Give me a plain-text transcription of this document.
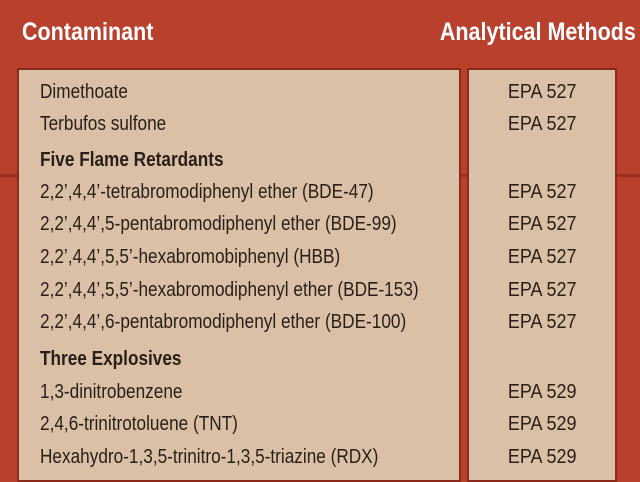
Contaminant	Analytical Methods
Dimethoate	EPA 527
Terbufos sulfone	EPA 527
Five Flame Retardants
2,2’,4,4’-tetrabromodiphenyl ether (BDE-47)	EPA 527
2,2’,4,4’,5-pentabromodiphenyl ether (BDE-99)	EPA 527
2,2’,4,4’,5,5’-hexabromobiphenyl (HBB)	EPA 527
2,2’,4,4’,5,5’-hexabromodiphenyl ether (BDE-153)	EPA 527
2,2’,4,4’,6-pentabromodiphenyl ether (BDE-100)	EPA 527
Three Explosives
1,3-dinitrobenzene	EPA 529
2,4,6-trinitrotoluene (TNT)	EPA 529
Hexahydro-1,3,5-trinitro-1,3,5-triazine (RDX)	EPA 529
